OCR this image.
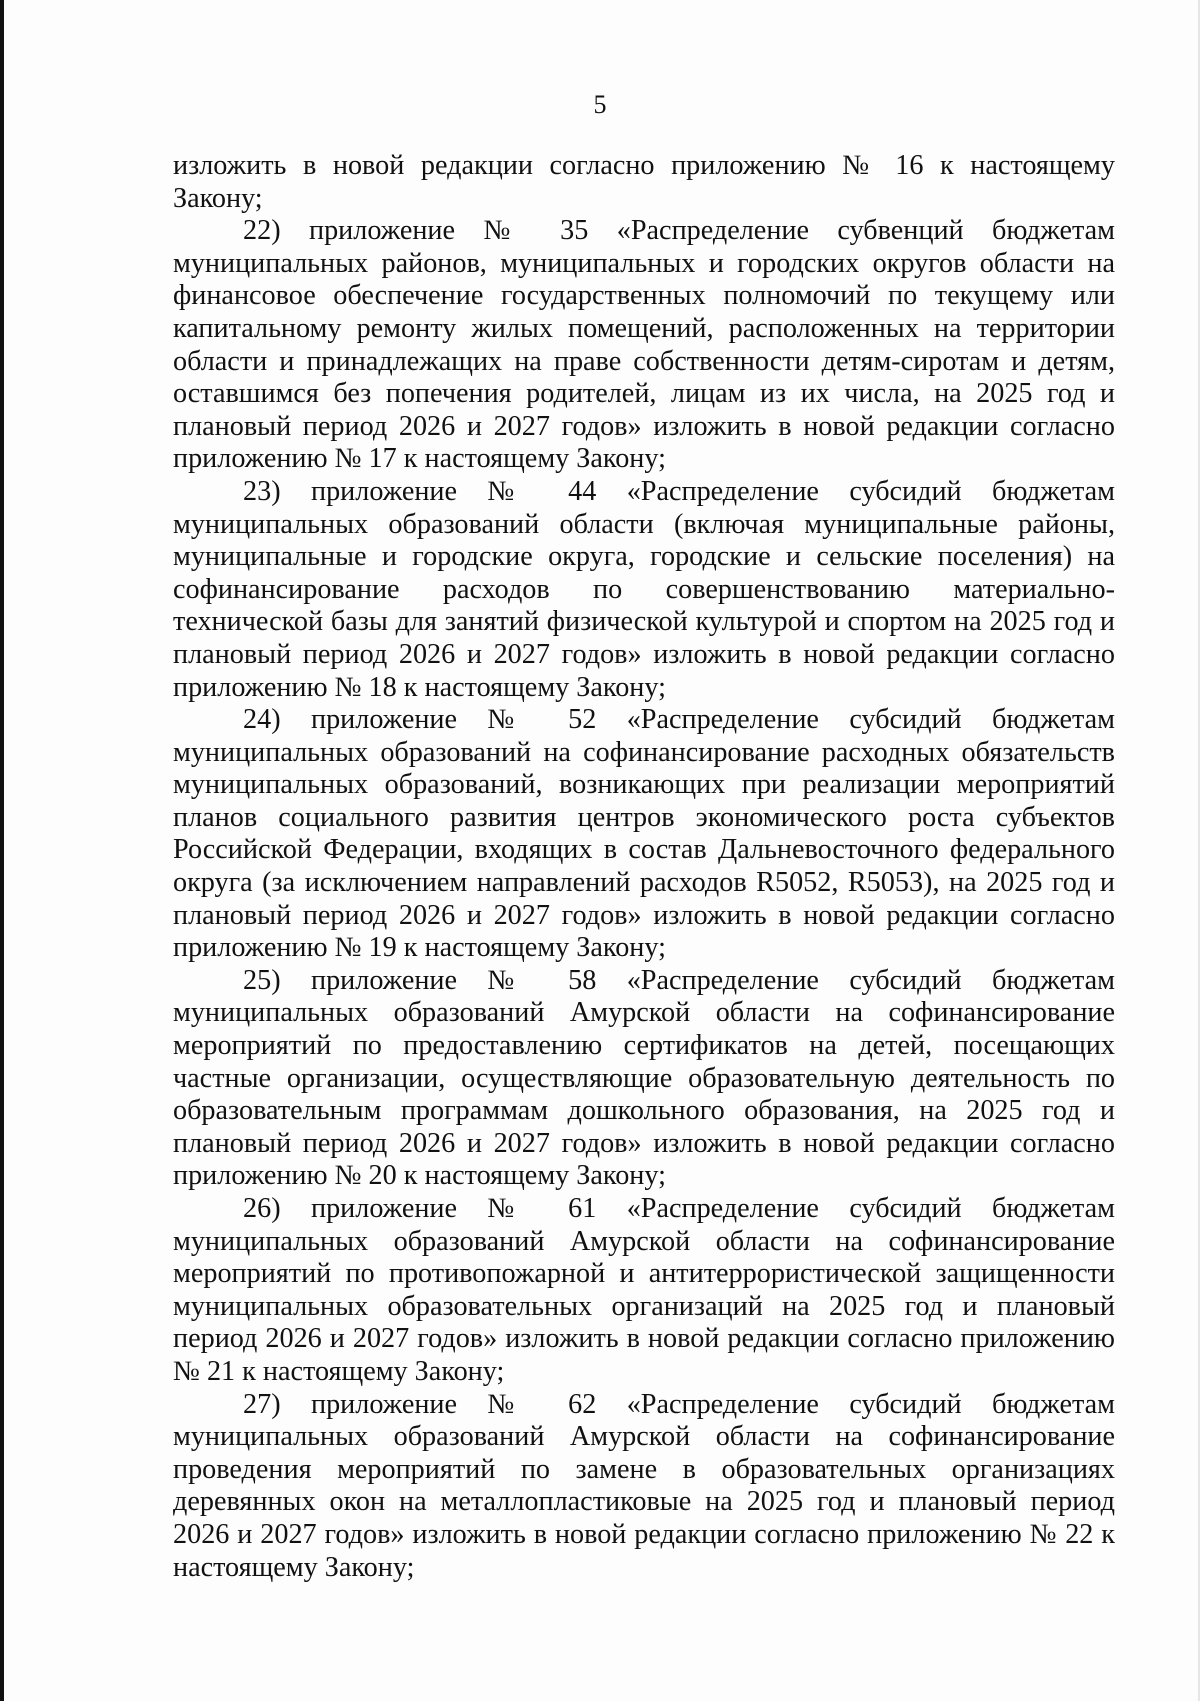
5

изложить в новой редакции согласно приложению № 16 к настоящему Закону;

22) приложение № 35 «Распределение субвенций бюджетам муниципальных районов, муниципальных и городских округов области на финансовое обеспечение государственных полномочий по текущему или капитальному ремонту жилых помещений, расположенных на территории области и принадлежащих на праве собственности детям-сиротам и детям, оставшимся без попечения родителей, лицам из их числа, на 2025 год и плановый период 2026 и 2027 годов» изложить в новой редакции согласно приложению № 17 к настоящему Закону;

23) приложение № 44 «Распределение субсидий бюджетам муниципальных образований области (включая муниципальные районы, муниципальные и городские округа, городские и сельские поселения) на софинансирование расходов по совершенствованию материально-технической базы для занятий физической культурой и спортом на 2025 год и плановый период 2026 и 2027 годов» изложить в новой редакции согласно приложению № 18 к настоящему Закону;

24) приложение № 52 «Распределение субсидий бюджетам муниципальных образований на софинансирование расходных обязательств муниципальных образований, возникающих при реализации мероприятий планов социального развития центров экономического роста субъектов Российской Федерации, входящих в состав Дальневосточного федерального округа (за исключением направлений расходов R5052, R5053), на 2025 год и плановый период 2026 и 2027 годов» изложить в новой редакции согласно приложению № 19 к настоящему Закону;

25) приложение № 58 «Распределение субсидий бюджетам муниципальных образований Амурской области на софинансирование мероприятий по предоставлению сертификатов на детей, посещающих частные организации, осуществляющие образовательную деятельность по образовательным программам дошкольного образования, на 2025 год и плановый период 2026 и 2027 годов» изложить в новой редакции согласно приложению № 20 к настоящему Закону;

26) приложение № 61 «Распределение субсидий бюджетам муниципальных образований Амурской области на софинансирование мероприятий по противопожарной и антитеррористической защищенности муниципальных образовательных организаций на 2025 год и плановый период 2026 и 2027 годов» изложить в новой редакции согласно приложению № 21 к настоящему Закону;

27) приложение № 62 «Распределение субсидий бюджетам муниципальных образований Амурской области на софинансирование проведения мероприятий по замене в образовательных организациях деревянных окон на металлопластиковые на 2025 год и плановый период 2026 и 2027 годов» изложить в новой редакции согласно приложению № 22 к настоящему Закону;
